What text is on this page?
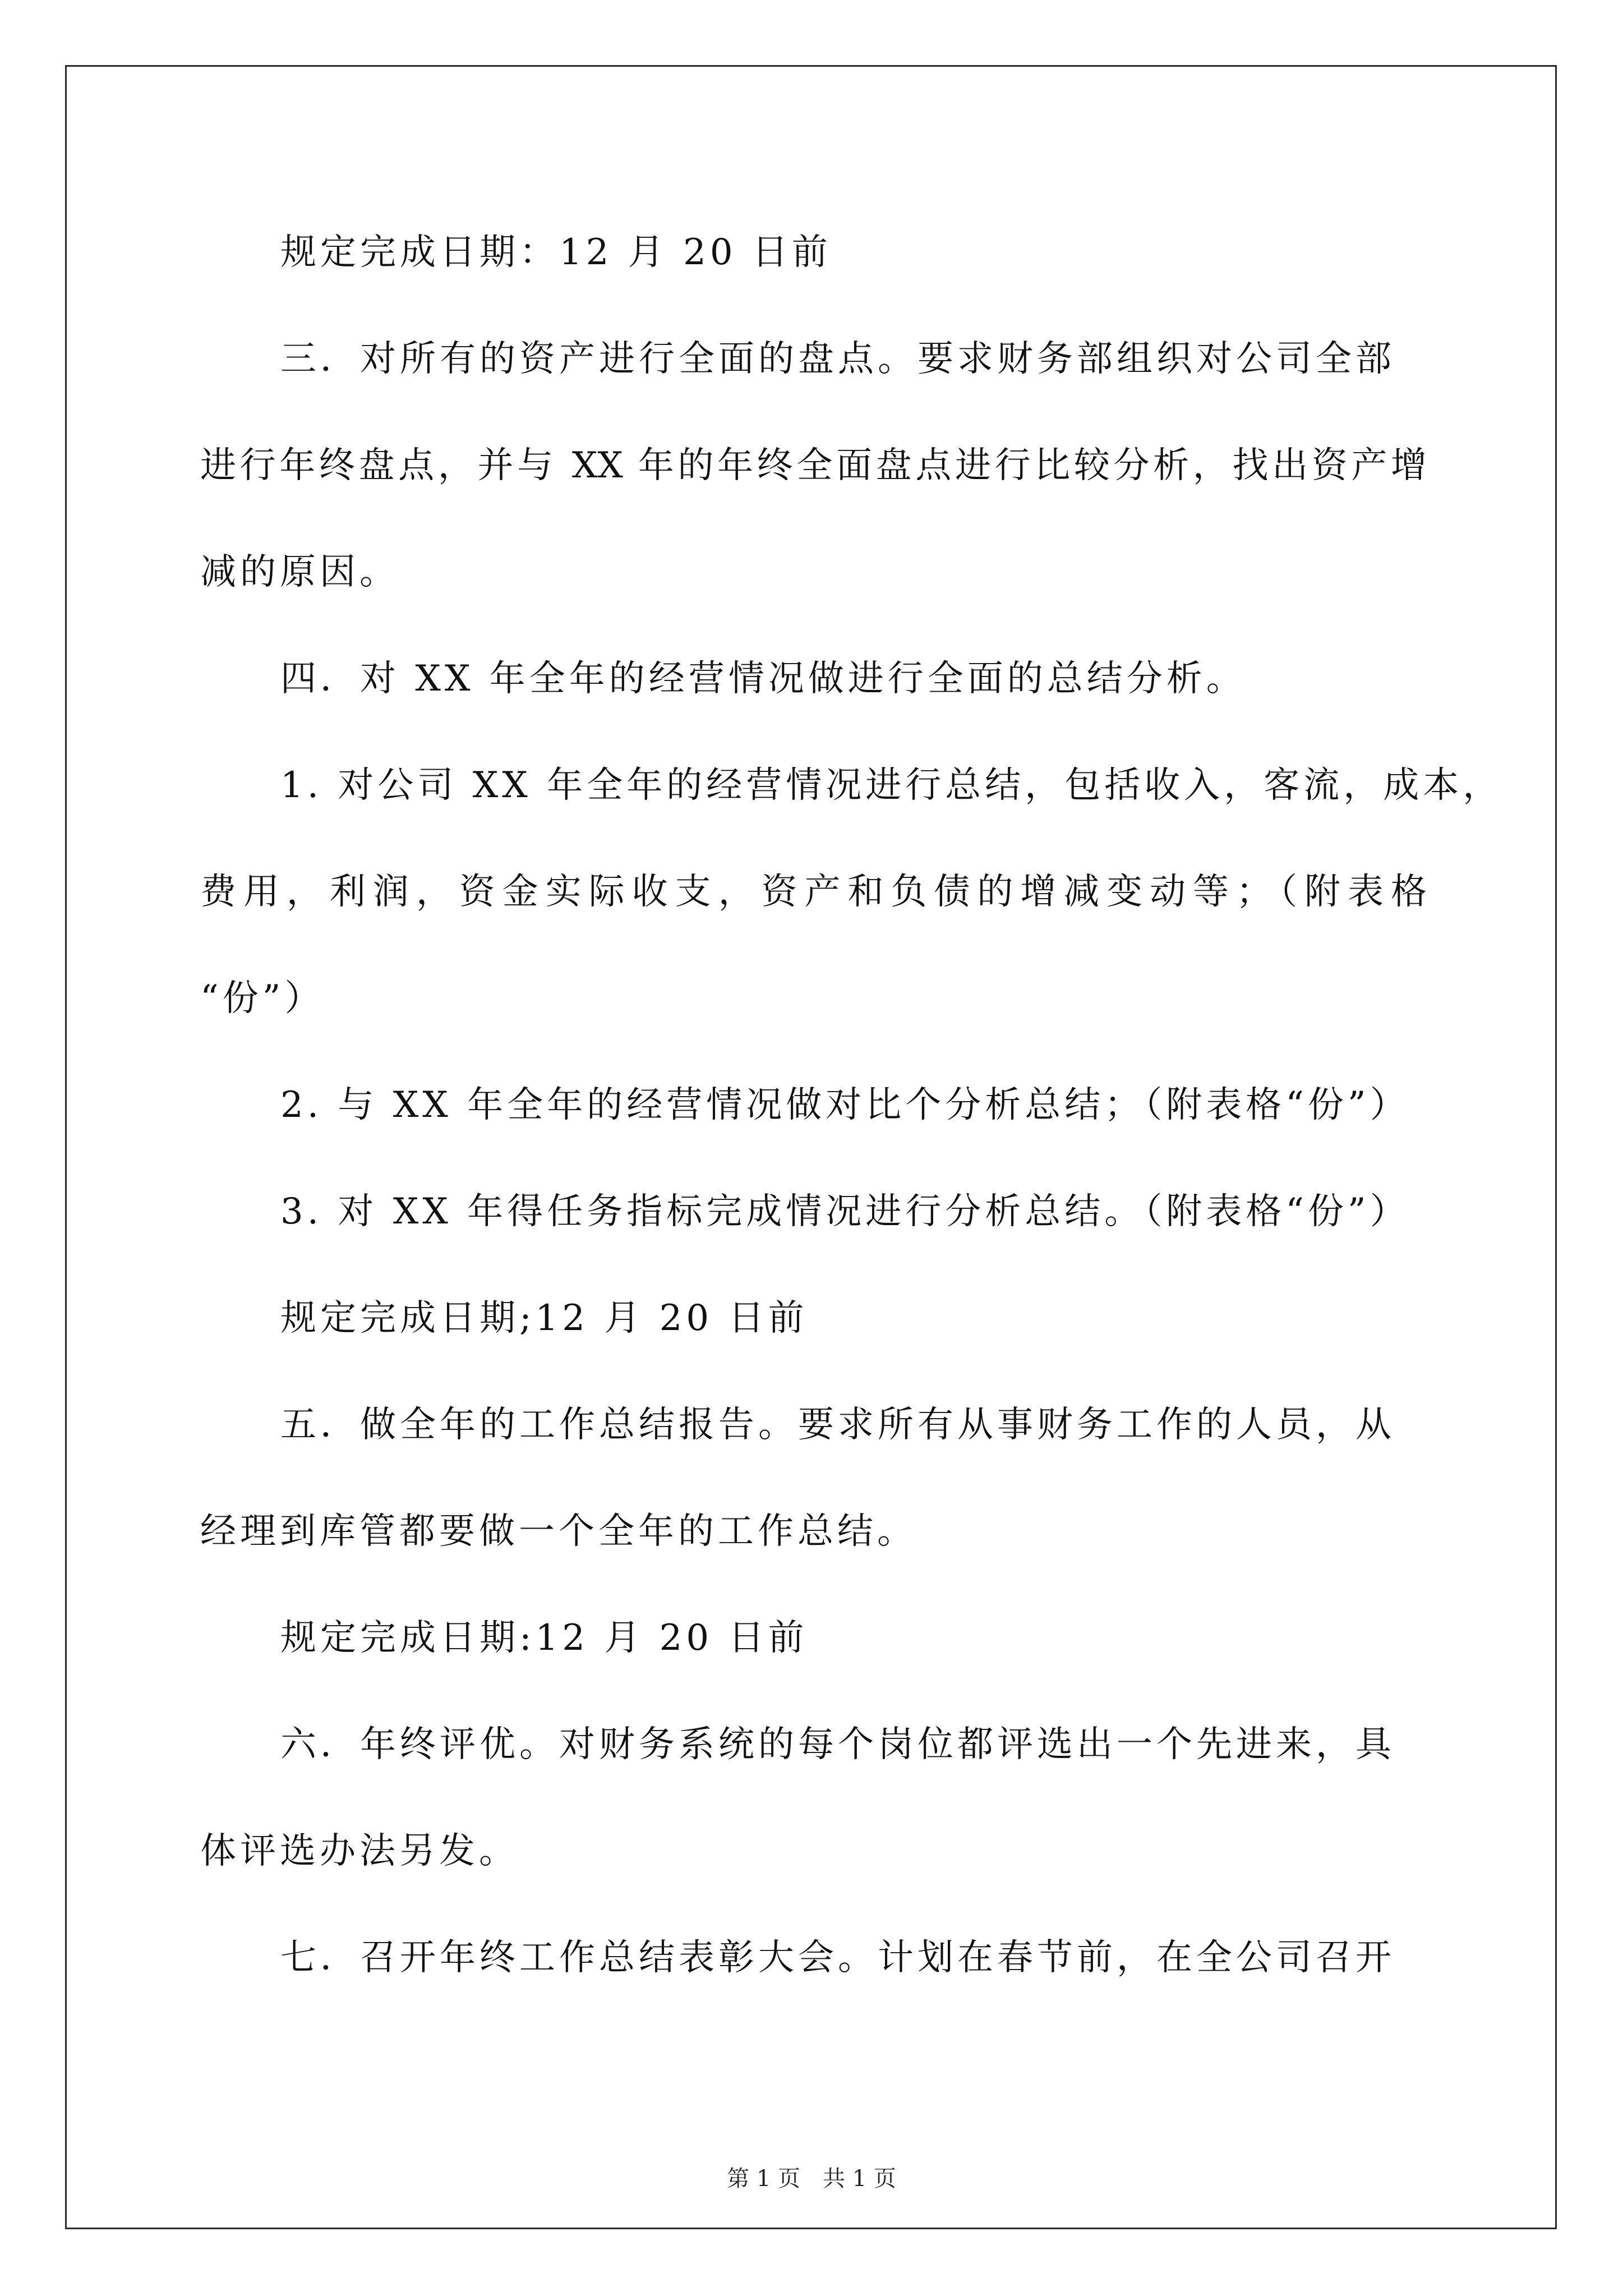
规定完成日期：12 月 20 日前
三．对所有的资产进行全面的盘点。要求财务部组织对公司全部
进行年终盘点，并与 XX 年的年终全面盘点进行比较分析，找出资产增
减的原因。
四．对 XX 年全年的经营情况做进行全面的总结分析。
1. 对公司 XX 年全年的经营情况进行总结，包括收入，客流，成本，
费用，利润，资金实际收支，资产和负债的增减变动等；（附表格
“份”）
2. 与 XX 年全年的经营情况做对比个分析总结；（附表格“份”）
3. 对 XX 年得任务指标完成情况进行分析总结。（附表格“份”）
规定完成日期;12 月 20 日前
五．做全年的工作总结报告。要求所有从事财务工作的人员，从
经理到库管都要做一个全年的工作总结。
规定完成日期:12 月 20 日前
六．年终评优。对财务系统的每个岗位都评选出一个先进来，具
体评选办法另发。
七．召开年终工作总结表彰大会。计划在春节前，在全公司召开
第 1 页　共 1 页
